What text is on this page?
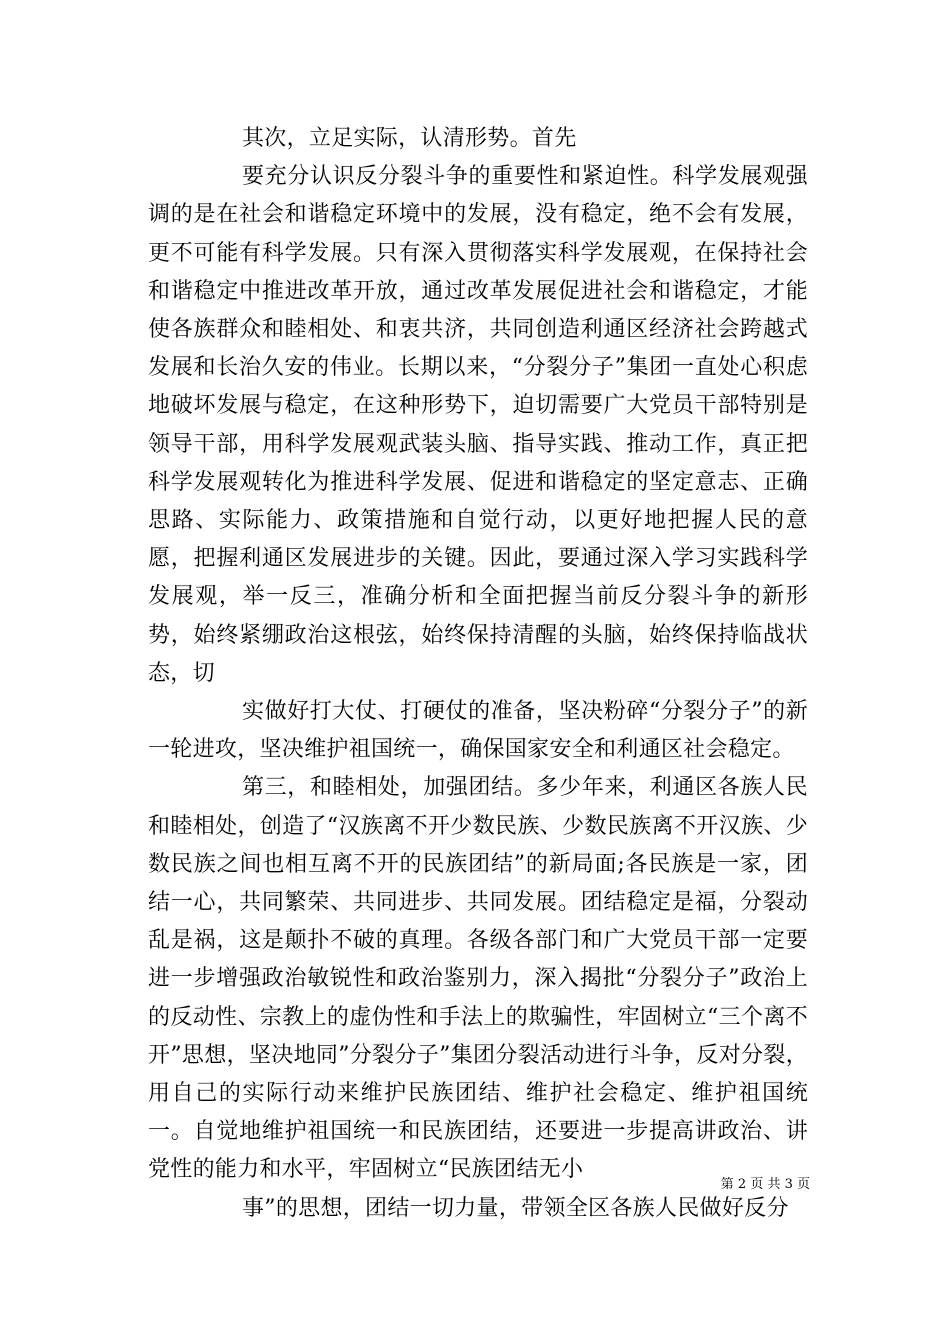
其次，立足实际，认清形势。首先

要充分认识反分裂斗争的重要性和紧迫性。科学发展观强调的是在社会和谐稳定环境中的发展，没有稳定，绝不会有发展，更不可能有科学发展。只有深入贯彻落实科学发展观，在保持社会和谐稳定中推进改革开放，通过改革发展促进社会和谐稳定，才能使各族群众和睦相处、和衷共济，共同创造利通区经济社会跨越式发展和长治久安的伟业。长期以来，“分裂分子”集团一直处心积虑地破坏发展与稳定，在这种形势下，迫切需要广大党员干部特别是领导干部，用科学发展观武装头脑、指导实践、推动工作，真正把科学发展观转化为推进科学发展、促进和谐稳定的坚定意志、正确思路、实际能力、政策措施和自觉行动，以更好地把握人民的意愿，把握利通区发展进步的关键。因此，要通过深入学习实践科学发展观，举一反三，准确分析和全面把握当前反分裂斗争的新形势，始终紧绷政治这根弦，始终保持清醒的头脑，始终保持临战状态，切

实做好打大仗、打硬仗的准备，坚决粉碎“分裂分子”的新一轮进攻，坚决维护祖国统一，确保国家安全和利通区社会稳定。

第三，和睦相处，加强团结。多少年来，利通区各族人民和睦相处，创造了“汉族离不开少数民族、少数民族离不开汉族、少数民族之间也相互离不开的民族团结”的新局面;各民族是一家，团结一心，共同繁荣、共同进步、共同发展。团结稳定是福，分裂动乱是祸，这是颠扑不破的真理。各级各部门和广大党员干部一定要进一步增强政治敏锐性和政治鉴别力，深入揭批“分裂分子”政治上的反动性、宗教上的虚伪性和手法上的欺骗性，牢固树立“三个离不开”思想，坚决地同”分裂分子”集团分裂活动进行斗争，反对分裂，用自己的实际行动来维护民族团结、维护社会稳定、维护祖国统一。自觉地维护祖国统一和民族团结，还要进一步提高讲政治、讲党性的能力和水平，牢固树立“民族团结无小

事”的思想，团结一切力量，带领全区各族人民做好反分

第 2 页 共 3 页
